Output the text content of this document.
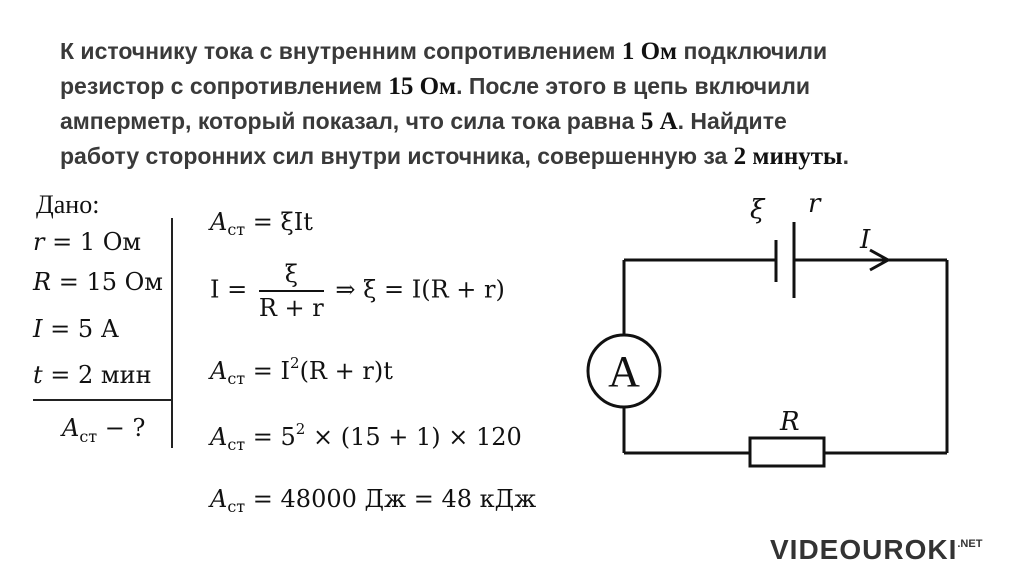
К источнику тока с внутренним сопротивлением 1 Ом подключили
резистор с сопротивлением 15 Ом. После этого в цепь включили
амперметр, который показал, что сила тока равна 5 А. Найдите
работу сторонних сил внутри источника, совершенную за 2 минуты.
Дано:
r = 1 Ом
R = 15 Ом
I = 5 А
t = 2 мин
$A_{ст}$ − ?
$A_{ст} = \xi It$
$I = \frac{\xi}{R + r}$ ⇒ ξ = I(R + r)
$A_{ст} = I^2(R + r)t$
$A_{ст} = 5^2 \times (15 + 1) \times 120$
$A_{ст} = 48000$ Дж = 48 кДж
A
ξ r
I
R
$VIDEOUROKI^{.NET}$
